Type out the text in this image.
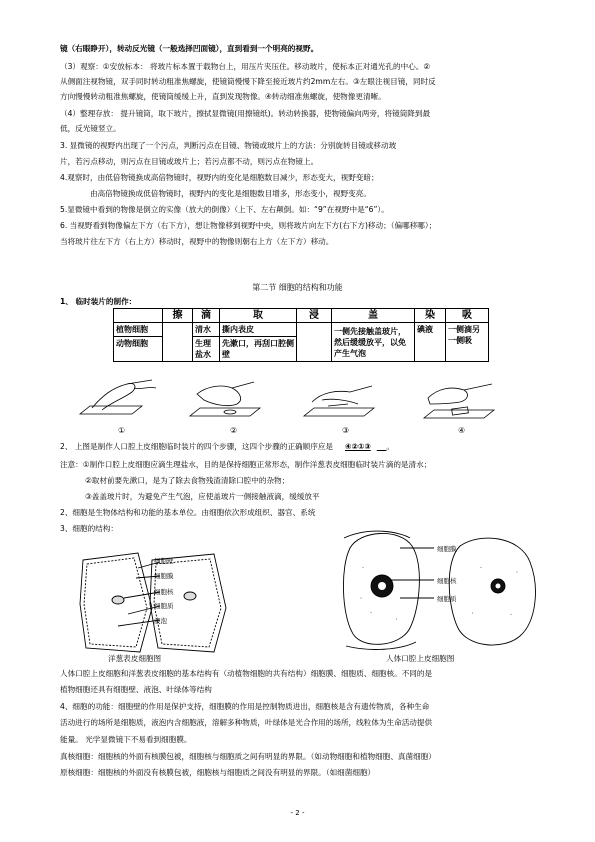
镜（右眼睁开），转动反光镜（一般选择凹面镜），直到看到一个明亮的视野。
（3）观察：①安放标本： 将玻片标本置于载物台上，用压片夹压住。移动玻片，使标本正对通光孔的中心。②
从侧面注视物镜，双手同时转动粗准焦螺旋，使镜筒慢慢下降至接近玻片约2mm左右。③左眼注视目镜，同时反
方向慢慢转动粗准焦螺旋，使镜筒缓缓上升，直到发现物像。④转动细准焦螺旋，使物像更清晰。
（4）整理存放： 提升镜筒，取下玻片，擦拭显微镜(用擦镜纸)。转动转换器，使物镜偏向两旁，将镜筒降到最
低，反光镜竖立。
3. 显微镜的视野内出现了一个污点，判断污点在目镜、物镜或玻片上的方法：分别旋转目镜或移动玻
片，若污点移动，则污点在目镜或玻片上；若污点都不动，则污点在物镜上。
4.观察时，由低倍物镜换成高倍物镜时，视野内的变化是细胞数目减少，形态变大，视野变暗；
由高倍物镜换成低倍物镜时，视野内的变化是细胞数目增多，形态变小，视野变亮。
5.显微镜中看到的物像是倒立的实像（放大的倒像）（上下、左右颠倒。如：“9”在视野中是“6”）。
6. 当视野看到物像偏左下方（右下方），想让物像移到视野中央，则将玻片向左下方(右下方)移动；（偏哪移哪）；
当将玻片往左下方（右上方）移动时，视野中的物像则朝右上方（左下方）移动。
第二节 细胞的结构和功能
1、 临时装片的制作：
	擦	滴	取	浸	盖	染	吸
植物细胞		清水	撕内表皮		一侧先接触盖玻片，然后缓缓放平，以免产生气泡	碘液	一侧滴另一侧吸
动物细胞		生理盐水	先漱口，再刮口腔侧壁				
①	②	③	④
2、 上图是制作人口腔上皮细胞临时装片的四个步骤，这四个步骤的正确顺序应是 ④②①③ 。
注意：①制作口腔上皮细胞应滴生理盐水，目的是保持细胞正常形态，制作洋葱表皮细胞临时装片滴的是清水；
②取材前要先漱口，是为了除去食物残渣清除口腔中的杂物；
③盖盖玻片时，为避免产生气泡，应使盖玻片一侧接触液滴，缓缓放平
2、细胞是生物体结构和功能的基本单位。由细胞依次形成组织、器官、系统
3、细胞的结构：
细胞壁
细胞膜
细胞核
细胞质
液泡
细胞膜
细胞核
细胞质
洋葱表皮细胞图	人体口腔上皮细胞图
人体口腔上皮细胞和洋葱表皮细胞的基本结构有（动植物细胞的共有结构）细胞膜、细胞质、细胞核。不同的是
植物细胞还具有细胞壁、液泡、叶绿体等结构
4、细胞的功能：细胞壁的作用是保护支持，细胞膜的作用是控制物质进出，细胞核是含有遗传物质，各种生命
活动进行的场所是细胞质，液泡内含细胞液，溶解多种物质，叶绿体是光合作用的场所，线粒体为生命活动提供
能量。 光学显微镜下不易看到细胞膜。
真核细胞：细胞核的外面有核膜包被，细胞核与细胞质之间有明显的界限。（如动物细胞和植物细胞、真菌细胞）
原核细胞：细胞核的外面没有核膜包被，细胞核与细胞质之间没有明显的界限。（如细菌细胞）
- 2 -
